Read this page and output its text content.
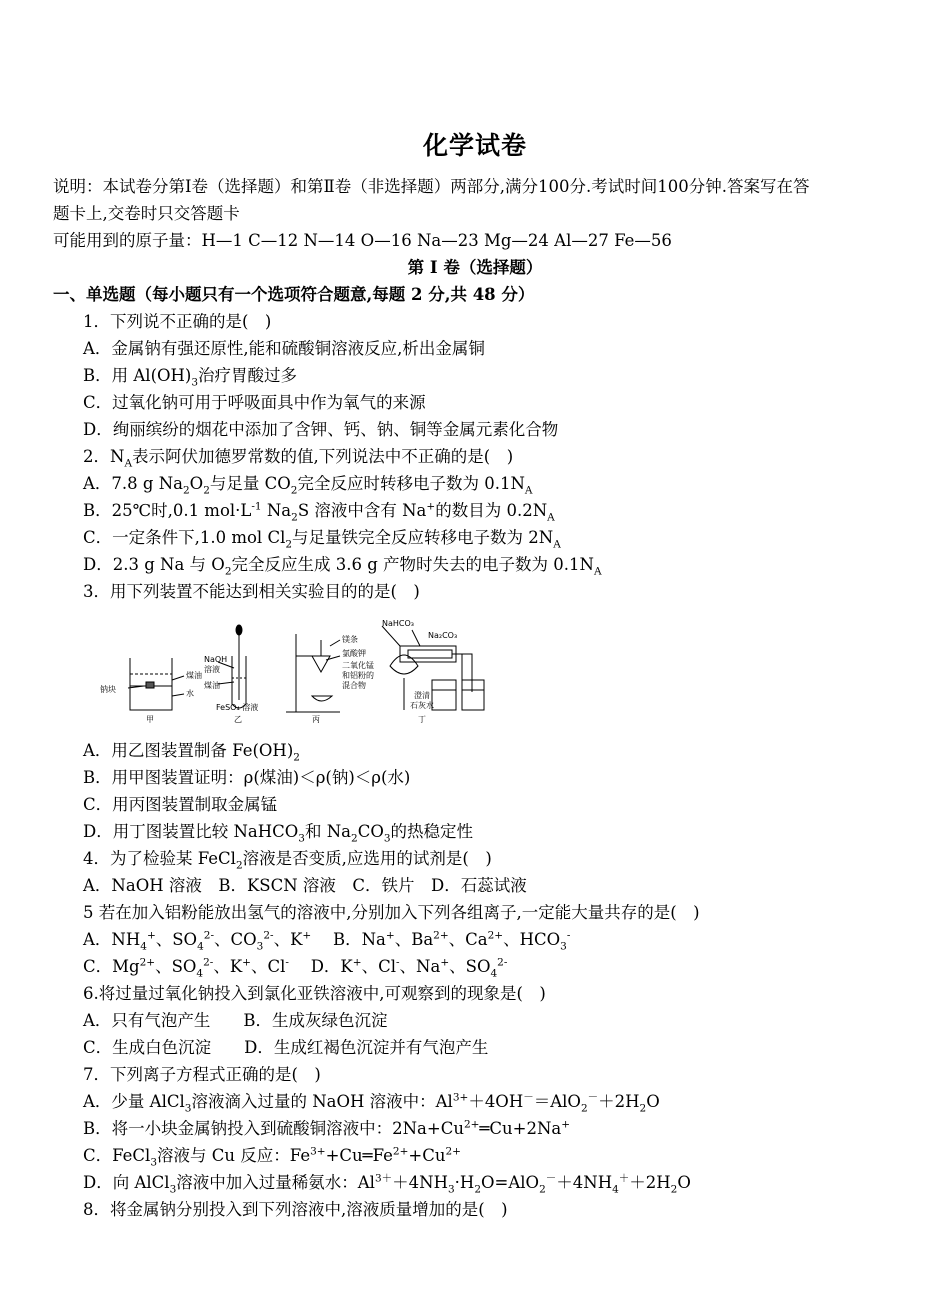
化学试卷
说明：本试卷分第Ⅰ卷（选择题）和第Ⅱ卷（非选择题）两部分,满分100分.考试时间100分钟.答案写在答
题卡上,交卷时只交答题卡
可能用到的原子量：H—1 C—12 N—14 O—16 Na—23 Mg—24 Al—27 Fe—56
第 I 卷（选择题）
一、单选题（每小题只有一个选项符合题意,每题 2 分,共 48 分）
1．下列说不正确的是(　)
A．金属钠有强还原性,能和硫酸铜溶液反应,析出金属铜
B．用 $Al(OH)_3$治疗胃酸过多
C．过氧化钠可用于呼吸面具中作为氧气的来源
D．绚丽缤纷的烟花中添加了含钾、钙、钠、铜等金属元素化合物
2．$N_A$表示阿伏加德罗常数的值,下列说法中不正确的是(　)
A．7.8 g $Na_2O_2$与足量 $CO_2$完全反应时转移电子数为 $0.1N_A$
B．25℃时,0.1 $mol\cdot L^{-1}$ $Na_2S$ 溶液中含有 Na+的数目为 $0.2N_A$
C．一定条件下,1.0 mol $Cl_2$与足量铁完全反应转移电子数为 $2N_A$
D．2.3 g Na 与 $O_2$完全反应生成 3.6 g 产物时失去的电子数为 $0.1N_A$
3．用下列装置不能达到相关实验目的的是(　)
煤油
水
钠块
甲
NaOH
溶液
煤油
FeSO₄ 溶液
乙
镁条
氯酸钾
二氧化锰
和铝粉的
混合物
丙
NaHCO₃
Na₂CO₃
澄清
石灰水
丁
A．用乙图装置制备 $Fe(OH)_2$
B．用甲图装置证明：ρ(煤油)＜ρ(钠)＜ρ(水)
C．用丙图装置制取金属锰
D．用丁图装置比较 NaHCO$_3$和 $Na_2CO_3$的热稳定性
4．为了检验某 FeCl$_2$溶液是否变质,应选用的试剂是(　)
A．NaOH 溶液　B．KSCN 溶液　C．铁片　D．石蕊试液
5 若在加入铝粉能放出氢气的溶液中,分别加入下列各组离子,一定能大量共存的是(　)
A．$NH_4^+$、$SO_4^{2-}$、$CO_3^{2-}$、K+　 B．Na+、$Ba^{2+}$、$Ca^{2+}$、$HCO_3^-$
C．$Mg^{2+}$、$SO_4^{2-}$、K+、Cl-　 D．K+、Cl-、Na+、$SO_4^{2-}$
6.将过量过氧化钠投入到氯化亚铁溶液中,可观察到的现象是(　)
A．只有气泡产生　　B．生成灰绿色沉淀
C．生成白色沉淀　　D．生成红褐色沉淀并有气泡产生
7．下列离子方程式正确的是(　)
A．少量 AlCl$_3$溶液滴入过量的 NaOH 溶液中：$Al^{3+}+4OH^-=AlO_2^-+2H_2O$
B．将一小块金属钠投入到硫酸铜溶液中：$2Na+Cu^{2+}═Cu+2Na^+$
C．FeCl$_3$溶液与 Cu 反应：$Fe^{3+}+Cu═Fe^{2+}+Cu^{2+}$
D．向 AlCl$_3$溶液中加入过量稀氨水：$Al^{3+}+4NH_3\cdot H_2O=AlO_2^-+4NH_4^++2H_2O$
8．将金属钠分别投入到下列溶液中,溶液质量增加的是(　)
